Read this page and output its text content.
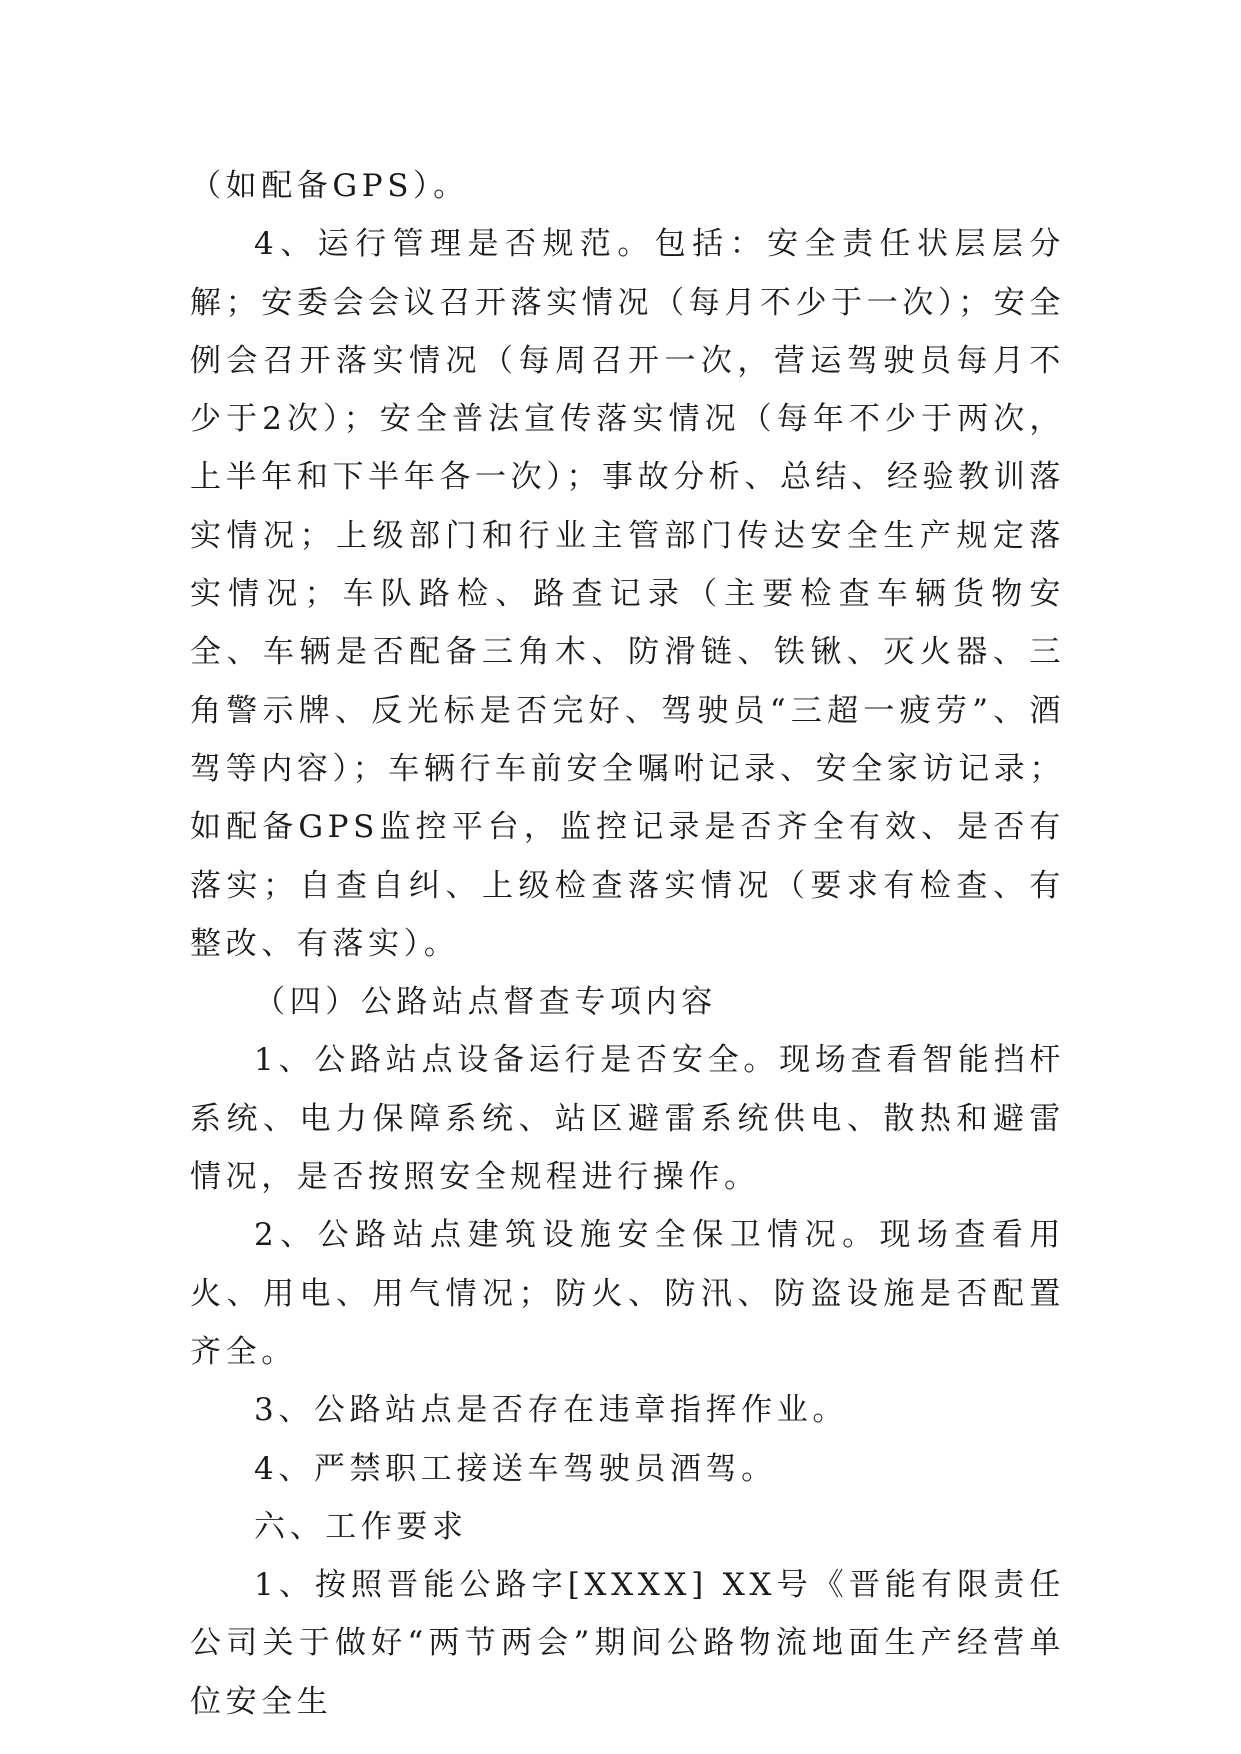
（如配备GPS）。

4、运行管理是否规范。包括：安全责任状层层分解；安委会会议召开落实情况（每月不少于一次）；安全例会召开落实情况（每周召开一次，营运驾驶员每月不少于2次）；安全普法宣传落实情况（每年不少于两次，上半年和下半年各一次）；事故分析、总结、经验教训落实情况；上级部门和行业主管部门传达安全生产规定落实情况；车队路检、路查记录（主要检查车辆货物安全、车辆是否配备三角木、防滑链、铁锹、灭火器、三角警示牌、反光标是否完好、驾驶员“三超一疲劳”、酒驾等内容）；车辆行车前安全嘱咐记录、安全家访记录；如配备GPS监控平台，监控记录是否齐全有效、是否有落实；自查自纠、上级检查落实情况（要求有检查、有整改、有落实）。

（四）公路站点督查专项内容

1、公路站点设备运行是否安全。现场查看智能挡杆系统、电力保障系统、站区避雷系统供电、散热和避雷情况，是否按照安全规程进行操作。

2、公路站点建筑设施安全保卫情况。现场查看用火、用电、用气情况；防火、防汛、防盗设施是否配置齐全。

3、公路站点是否存在违章指挥作业。

4、严禁职工接送车驾驶员酒驾。

六、工作要求

1、按照晋能公路字[XXXX] XX号《晋能有限责任公司关于做好“两节两会”期间公路物流地面生产经营单位安全生
